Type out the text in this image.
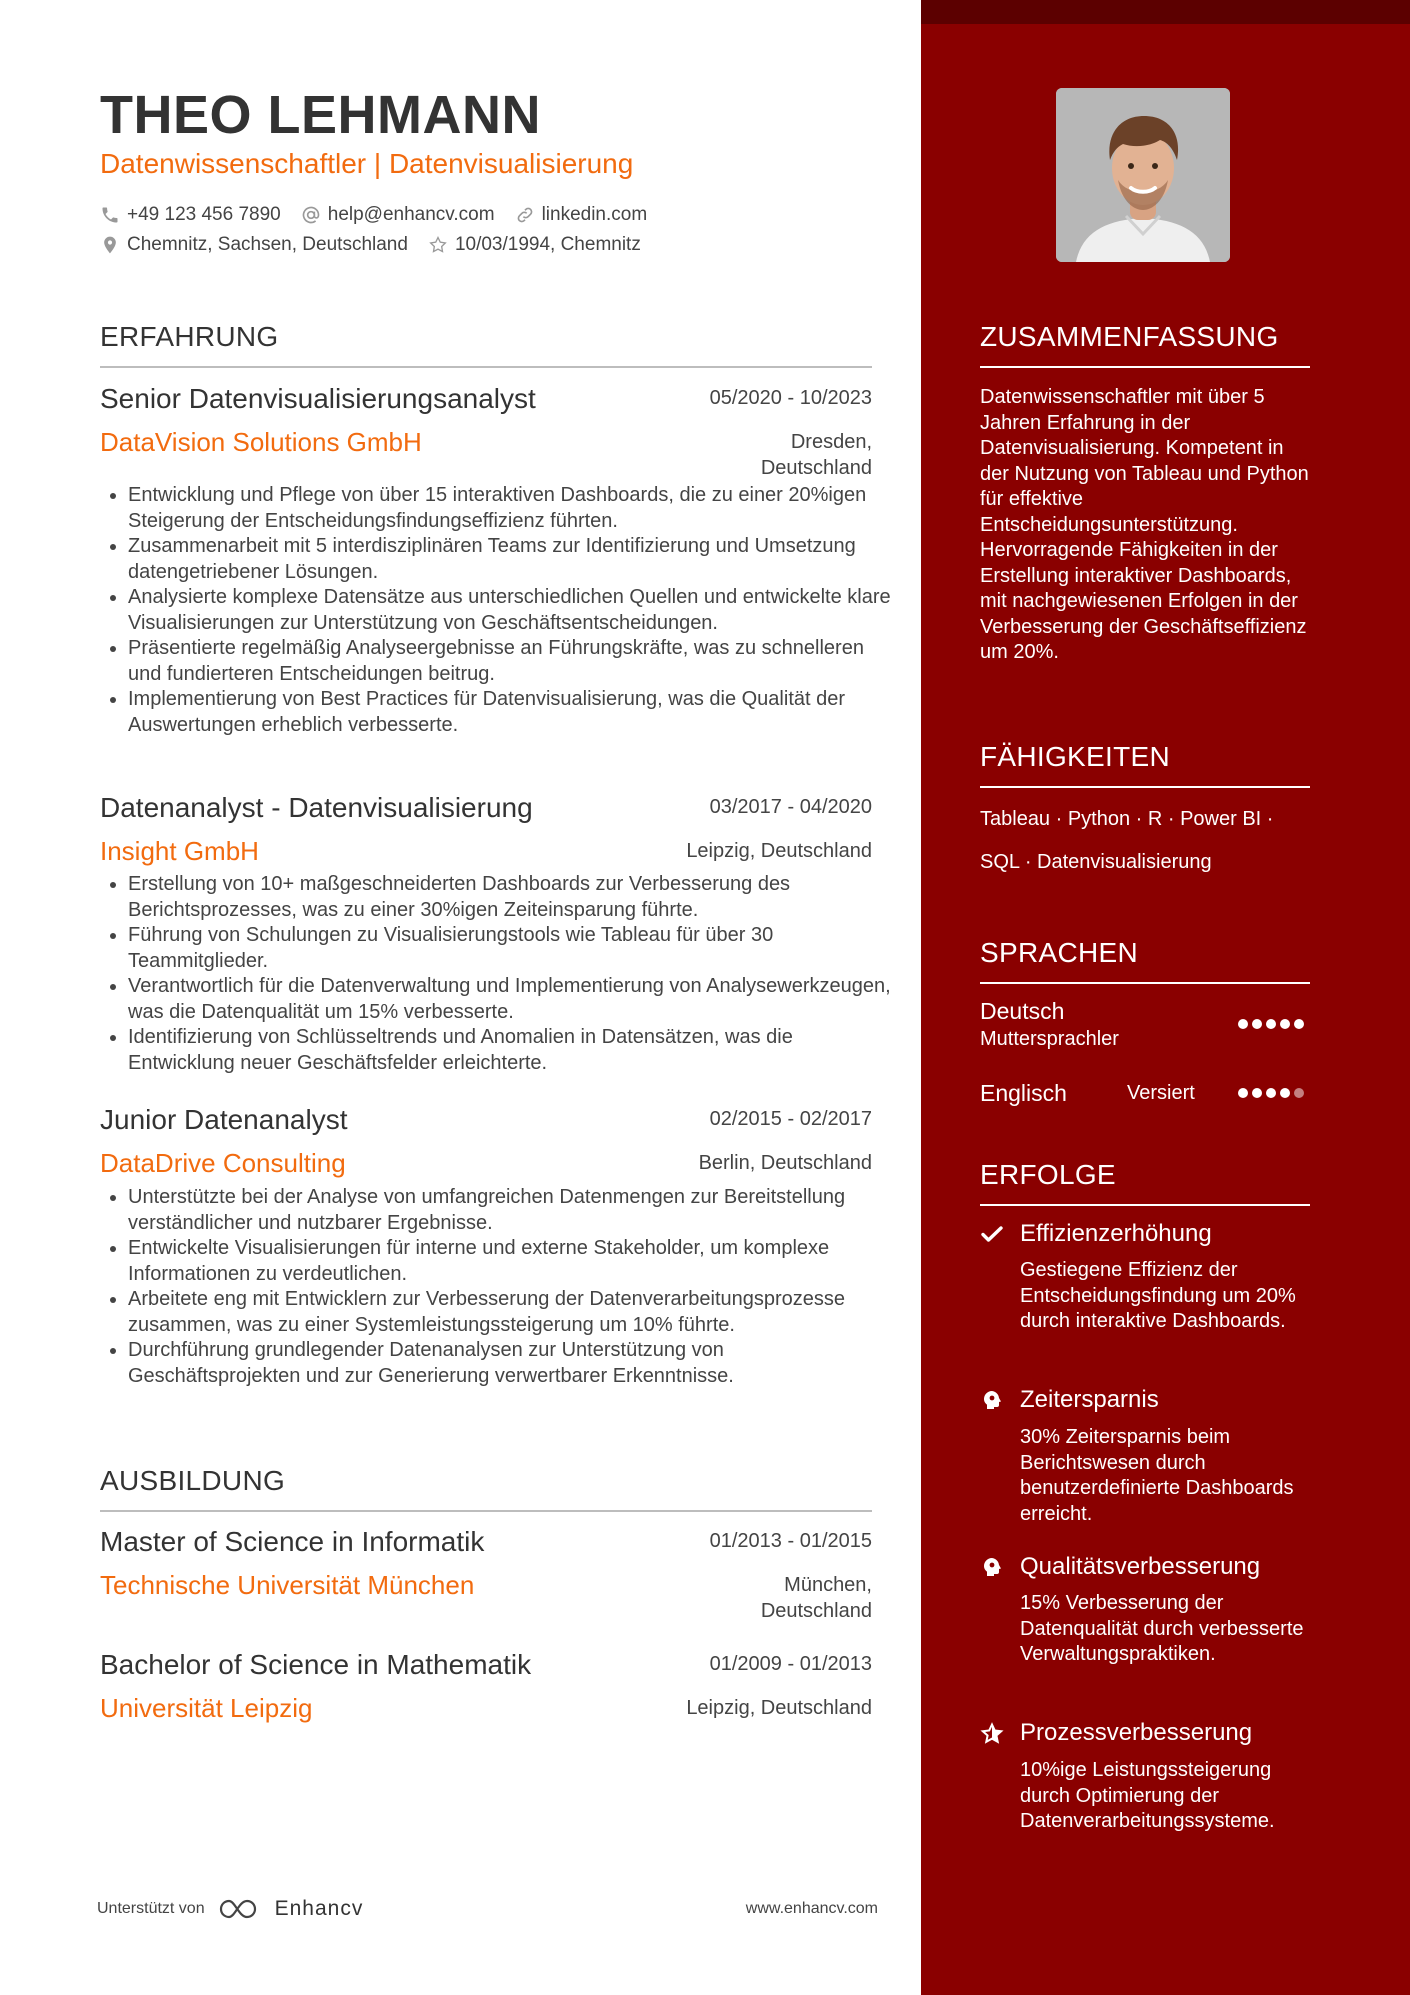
THEO LEHMANN
Datenwissenschaftler | Datenvisualisierung
+49 123 456 7890 help@enhancv.com linkedin.com
Chemnitz, Sachsen, Deutschland 10/03/1994, Chemnitz
ERFAHRUNG
Senior Datenvisualisierungsanalyst	05/2020 - 10/2023
DataVision Solutions GmbH	Dresden,
Deutschland
• Entwicklung und Pflege von über 15 interaktiven Dashboards, die zu einer 20%igen Steigerung der Entscheidungsfindungseffizienz führten.
• Zusammenarbeit mit 5 interdisziplinären Teams zur Identifizierung und Umsetzung datengetriebener Lösungen.
• Analysierte komplexe Datensätze aus unterschiedlichen Quellen und entwickelte klare Visualisierungen zur Unterstützung von Geschäftsentscheidungen.
• Präsentierte regelmäßig Analyseergebnisse an Führungskräfte, was zu schnelleren und fundierteren Entscheidungen beitrug.
• Implementierung von Best Practices für Datenvisualisierung, was die Qualität der Auswertungen erheblich verbesserte.
Datenanalyst - Datenvisualisierung	03/2017 - 04/2020
Insight GmbH	Leipzig, Deutschland
• Erstellung von 10+ maßgeschneiderten Dashboards zur Verbesserung des Berichtsprozesses, was zu einer 30%igen Zeiteinsparung führte.
• Führung von Schulungen zu Visualisierungstools wie Tableau für über 30 Teammitglieder.
• Verantwortlich für die Datenverwaltung und Implementierung von Analysewerkzeugen, was die Datenqualität um 15% verbesserte.
• Identifizierung von Schlüsseltrends und Anomalien in Datensätzen, was die Entwicklung neuer Geschäftsfelder erleichterte.
Junior Datenanalyst	02/2015 - 02/2017
DataDrive Consulting	Berlin, Deutschland
• Unterstützte bei der Analyse von umfangreichen Datenmengen zur Bereitstellung verständlicher und nutzbarer Ergebnisse.
• Entwickelte Visualisierungen für interne und externe Stakeholder, um komplexe Informationen zu verdeutlichen.
• Arbeitete eng mit Entwicklern zur Verbesserung der Datenverarbeitungsprozesse zusammen, was zu einer Systemleistungssteigerung um 10% führte.
• Durchführung grundlegender Datenanalysen zur Unterstützung von Geschäftsprojekten und zur Generierung verwertbarer Erkenntnisse.
AUSBILDUNG
Master of Science in Informatik	01/2013 - 01/2015
Technische Universität München	München,
Deutschland
Bachelor of Science in Mathematik	01/2009 - 01/2013
Universität Leipzig	Leipzig, Deutschland
Unterstützt von	Enhancv	www.enhancv.com
ZUSAMMENFASSUNG
Datenwissenschaftler mit über 5 Jahren Erfahrung in der Datenvisualisierung. Kompetent in der Nutzung von Tableau und Python für effektive Entscheidungsunterstützung. Hervorragende Fähigkeiten in der Erstellung interaktiver Dashboards, mit nachgewiesenen Erfolgen in der Verbesserung der Geschäftseffizienz um 20%.
FÄHIGKEITEN
Tableau · Python · R · Power BI ·
SQL · Datenvisualisierung
SPRACHEN
Deutsch
Muttersprachler
Englisch	Versiert
ERFOLGE
Effizienzerhöhung
Gestiegene Effizienz der Entscheidungsfindung um 20% durch interaktive Dashboards.
Zeitersparnis
30% Zeitersparnis beim Berichtswesen durch benutzerdefinierte Dashboards erreicht.
Qualitätsverbesserung
15% Verbesserung der Datenqualität durch verbesserte Verwaltungspraktiken.
Prozessverbesserung
10%ige Leistungssteigerung durch Optimierung der Datenverarbeitungssysteme.
